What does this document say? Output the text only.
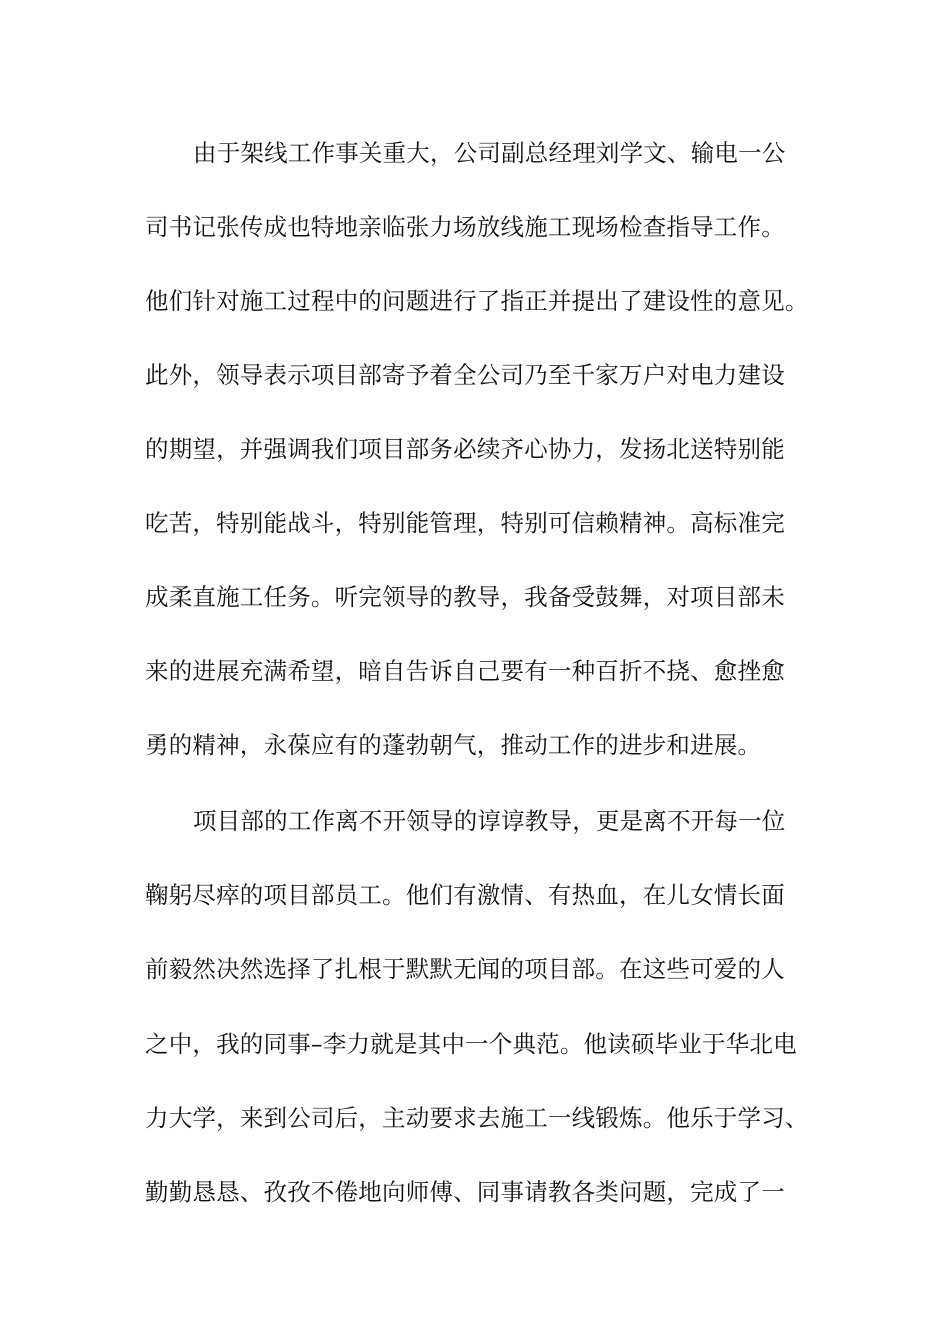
由于架线工作事关重大，公司副总经理刘学文、输电一公
司书记张传成也特地亲临张力场放线施工现场检查指导工作。
他们针对施工过程中的问题进行了指正并提出了建设性的意见。
此外，领导表示项目部寄予着全公司乃至千家万户对电力建设
的期望，并强调我们项目部务必续齐心协力，发扬北送特别能
吃苦，特别能战斗，特别能管理，特别可信赖精神。高标准完
成柔直施工任务。听完领导的教导，我备受鼓舞，对项目部未
来的进展充满希望，暗自告诉自己要有一种百折不挠、愈挫愈
勇的精神，永葆应有的蓬勃朝气，推动工作的进步和进展。
项目部的工作离不开领导的谆谆教导，更是离不开每一位
鞠躬尽瘁的项目部员工。他们有激情、有热血，在儿女情长面
前毅然决然选择了扎根于默默无闻的项目部。在这些可爱的人
之中，我的同事–李力就是其中一个典范。他读硕毕业于华北电
力大学，来到公司后，主动要求去施工一线锻炼。他乐于学习、
勤勤恳恳、孜孜不倦地向师傅、同事请教各类问题，完成了一
